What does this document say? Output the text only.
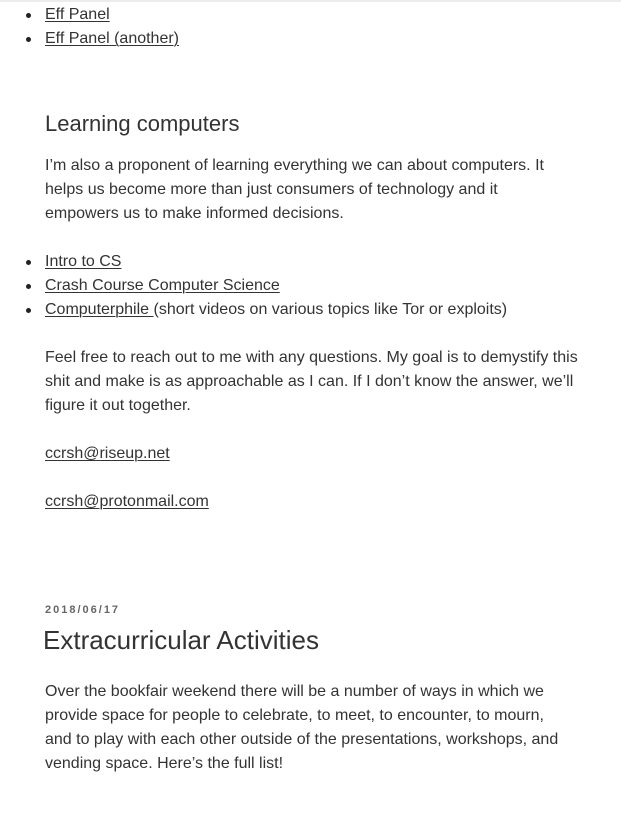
Eff Panel
Eff Panel (another)
Learning computers

I’m also a proponent of learning everything we can about computers. It helps us become more than just consumers of technology and it empowers us to make informed decisions.

Intro to CS
Crash Course Computer Science
Computerphile (short videos on various topics like Tor or exploits)

Feel free to reach out to me with any questions. My goal is to demystify this shit and make is as approachable as I can. If I don’t know the answer, we’ll figure it out together.

ccrsh@riseup.net

ccrsh@protonmail.com

2018/06/17
Extracurricular Activities

Over the bookfair weekend there will be a number of ways in which we provide space for people to celebrate, to meet, to encounter, to mourn, and to play with each other outside of the presentations, workshops, and vending space. Here’s the full list!
